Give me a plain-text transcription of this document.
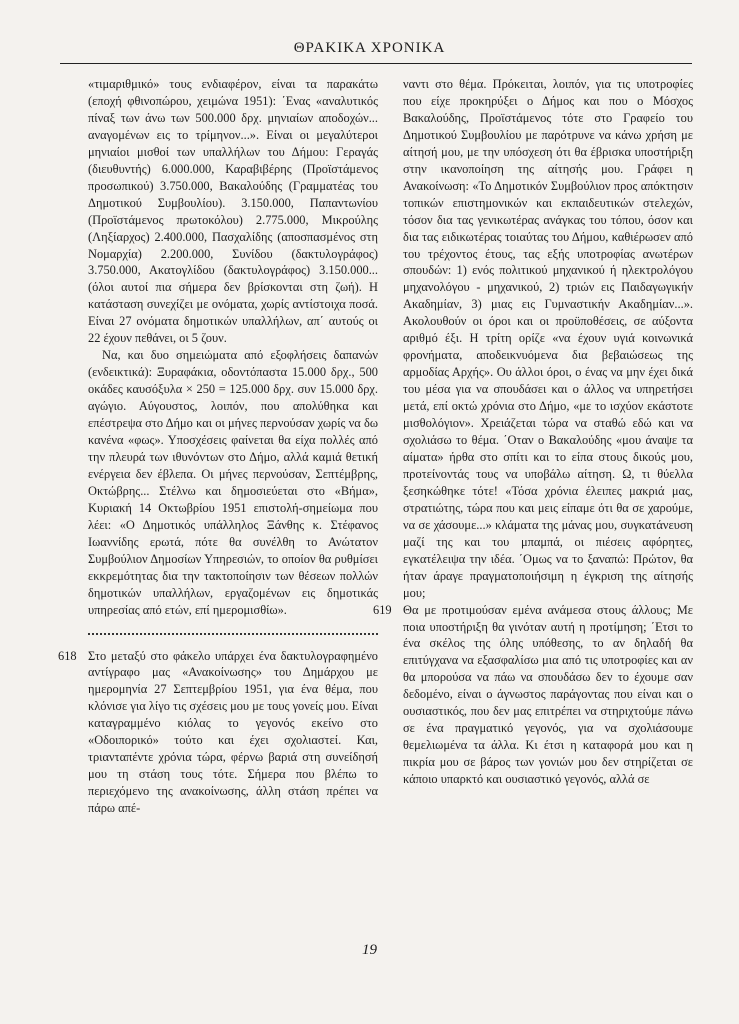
ΘΡΑΚΙΚΑ ΧΡΟΝΙΚΑ

«τιμαριθμικό» τους ενδιαφέρον, είναι τα παρακάτω (εποχή φθινοπώρου, χειμώνα 1951): ΄Ενας «αναλυτικός πίναξ των άνω των 500.000 δρχ. μηνιαίων αποδοχών... αναγομένων εις το τρίμηνον...». Είναι οι μεγαλύτεροι μηνιαίοι μισθοί των υπαλλήλων του Δήμου: Γεραγάς (διευθυντής) 6.000.000, Καραβιβέρης (Προϊστάμενος προσωπικού) 3.750.000, Βακαλούδης (Γραμματέας του Δημοτικού Συμβουλίου). 3.150.000, Παπαντωνίου (Προϊστάμενος πρωτοκόλου) 2.775.000, Μικρούλης (Ληξίαρχος) 2.400.000, Πασχαλίδης (αποσπασμένος στη Νομαρχία) 2.200.000, Συνίδου (δακτυλογράφος) 3.750.000, Ακατογλίδου (δακτυλογράφος) 3.150.000... (όλοι αυτοί πια σήμερα δεν βρίσκονται στη ζωή). Η κατάσταση συνεχίζει με ονόματα, χωρίς αντίστοιχα ποσά. Είναι 27 ονόματα δημοτικών υπαλλήλων, απ΄ αυτούς οι 22 έχουν πεθάνει, οι 5 ζουν.

Να, και δυο σημειώματα από εξοφλήσεις δαπανών (ενδεικτικά): Ξυραφάκια, οδοντόπαστα 15.000 δρχ., 500 οκάδες καυσόξυλα × 250 = 125.000 δρχ. συν 15.000 δρχ. αγώγιο. Αύγουστος, λοιπόν, που απολύθηκα και επέστρεψα στο Δήμο και οι μήνες περνούσαν χωρίς να δω κανένα «φως». Υποσχέσεις φαίνεται θα είχα πολλές από την πλευρά των ιθυνόντων στο Δήμο, αλλά καμιά θετική ενέργεια δεν έβλεπα. Οι μήνες περνούσαν, Σεπτέμβρης, Οκτώβρης... Στέλνω και δημοσιεύεται στο «Βήμα», Κυριακή 14 Οκτωβρίου 1951 επιστολή-σημείωμα που λέει: «Ο Δημοτικός υπάλληλος Ξάνθης κ. Στέφανος Ιωαννίδης ερωτά, πότε θα συνέλθη το Ανώτατον Συμβούλιον Δημοσίων Υπηρεσιών, το οποίον θα ρυθμίσει εκκρεμότητας δια την τακτοποίησιν των θέσεων πολλών δημοτικών υπαλλήλων, εργαζομένων εις δημοτικάς υπηρεσίας από ετών, επί ημερομισθίω».

618 Στο μεταξύ στο φάκελο υπάρχει ένα δακτυλογραφημένο αντίγραφο μας «Ανακοίνωσης» του Δημάρχου με ημερομηνία 27 Σεπτεμβρίου 1951, για ένα θέμα, που κλόνισε για λίγο τις σχέσεις μου με τους γονείς μου. Είναι καταγραμμένο κιόλας το γεγονός εκείνο στο «Οδοιπορικό» τούτο και έχει σχολιαστεί. Και, τριανταπέντε χρόνια τώρα, φέρνω βαριά στη συνείδησή μου τη στάση τους τότε. Σήμερα που βλέπω το περιεχόμενο της ανακοίνωσης, άλλη στάση πρέπει να πάρω απέ-

ναντι στο θέμα. Πρόκειται, λοιπόν, για τις υποτροφίες που είχε προκηρύξει ο Δήμος και που ο Μόσχος Βακαλούδης, Προϊστάμενος τότε στο Γραφείο του Δημοτικού Συμβουλίου με παρότρυνε να κάνω χρήση με αίτησή μου, με την υπόσχεση ότι θα έβρισκα υποστήριξη στην ικανοποίηση της αίτησής μου. Γράφει η Ανακοίνωση: «Το Δημοτικόν Συμβούλιον προς απόκτησιν τοπικών επιστημονικών και εκπαιδευτικών στελεχών, τόσον δια τας γενικωτέρας ανάγκας του τόπου, όσον και δια τας ειδικωτέρας τοιαύτας του Δήμου, καθιέρωσεν από του τρέχοντος έτους, τας εξής υποτροφίας ανωτέρων σπουδών: 1) ενός πολιτικού μηχανικού ή ηλεκτρολόγου μηχανολόγου - μηχανικού, 2) τριών εις Παιδαγωγικήν Ακαδημίαν, 3) μιας εις Γυμναστικήν Ακαδημίαν...». Ακολουθούν οι όροι και οι προϋποθέσεις, σε αύξοντα αριθμό έξι. Η τρίτη ορίζε «να έχουν υγιά κοινωνικά φρονήματα, αποδεικνυόμενα δια βεβαιώσεως της αρμοδίας Αρχής». Ου άλλοι όροι, ο ένας να μην έχει δικά του μέσα για να σπουδάσει και ο άλλος να υπηρετήσει μετά, επί οκτώ χρόνια στο Δήμο, «με το ισχύον εκάστοτε μισθολόγιον». Χρειάζεται τώρα να σταθώ εδώ και να σχολιάσω το θέμα. ΄Οταν ο Βακαλούδης «μου άναψε τα αίματα» ήρθα στο σπίτι και το είπα στους δικούς μου, προτείνοντάς τους να υποβάλω αίτηση. Ω, τι θύελλα ξεσηκώθηκε τότε! «Τόσα χρόνια έλειπες μακριά μας, στρατιώτης, τώρα που και μεις είπαμε ότι θα σε χαρούμε, να σε χάσουμε...» κλάματα της μάνας μου, συγκατάνευση μαζί της και του μπαμπά, οι πιέσεις αφόρητες, εγκατέλειψα την ιδέα. ΄Ομως να το ξαναπώ: Πρώτον, θα ήταν άραγε πραγματοποιήσιμη η έγκριση της αίτησής μου;

619 Θα με προτιμούσαν εμένα ανάμεσα στους άλλους; Με ποια υποστήριξη θα γινόταν αυτή η προτίμηση; ΄Ετσι το ένα σκέλος της όλης υπόθεσης, το αν δηλαδή θα επιτύγχανα να εξασφαλίσω μια από τις υποτροφίες και αν θα μπορούσα να πάω να σπουδάσω δεν το έχουμε σαν δεδομένο, είναι ο άγνωστος παράγοντας που είναι και ο ουσιαστικός, που δεν μας επιτρέπει να στηριχτούμε πάνω σε ένα πραγματικό γεγονός, για να σχολιάσουμε θεμελιωμένα τα άλλα. Κι έτσι η καταφορά μου και η πικρία μου σε βάρος των γονιών μου δεν στηρίζεται σε κάποιο υπαρκτό και ουσιαστικό γεγονός, αλλά σε

19
